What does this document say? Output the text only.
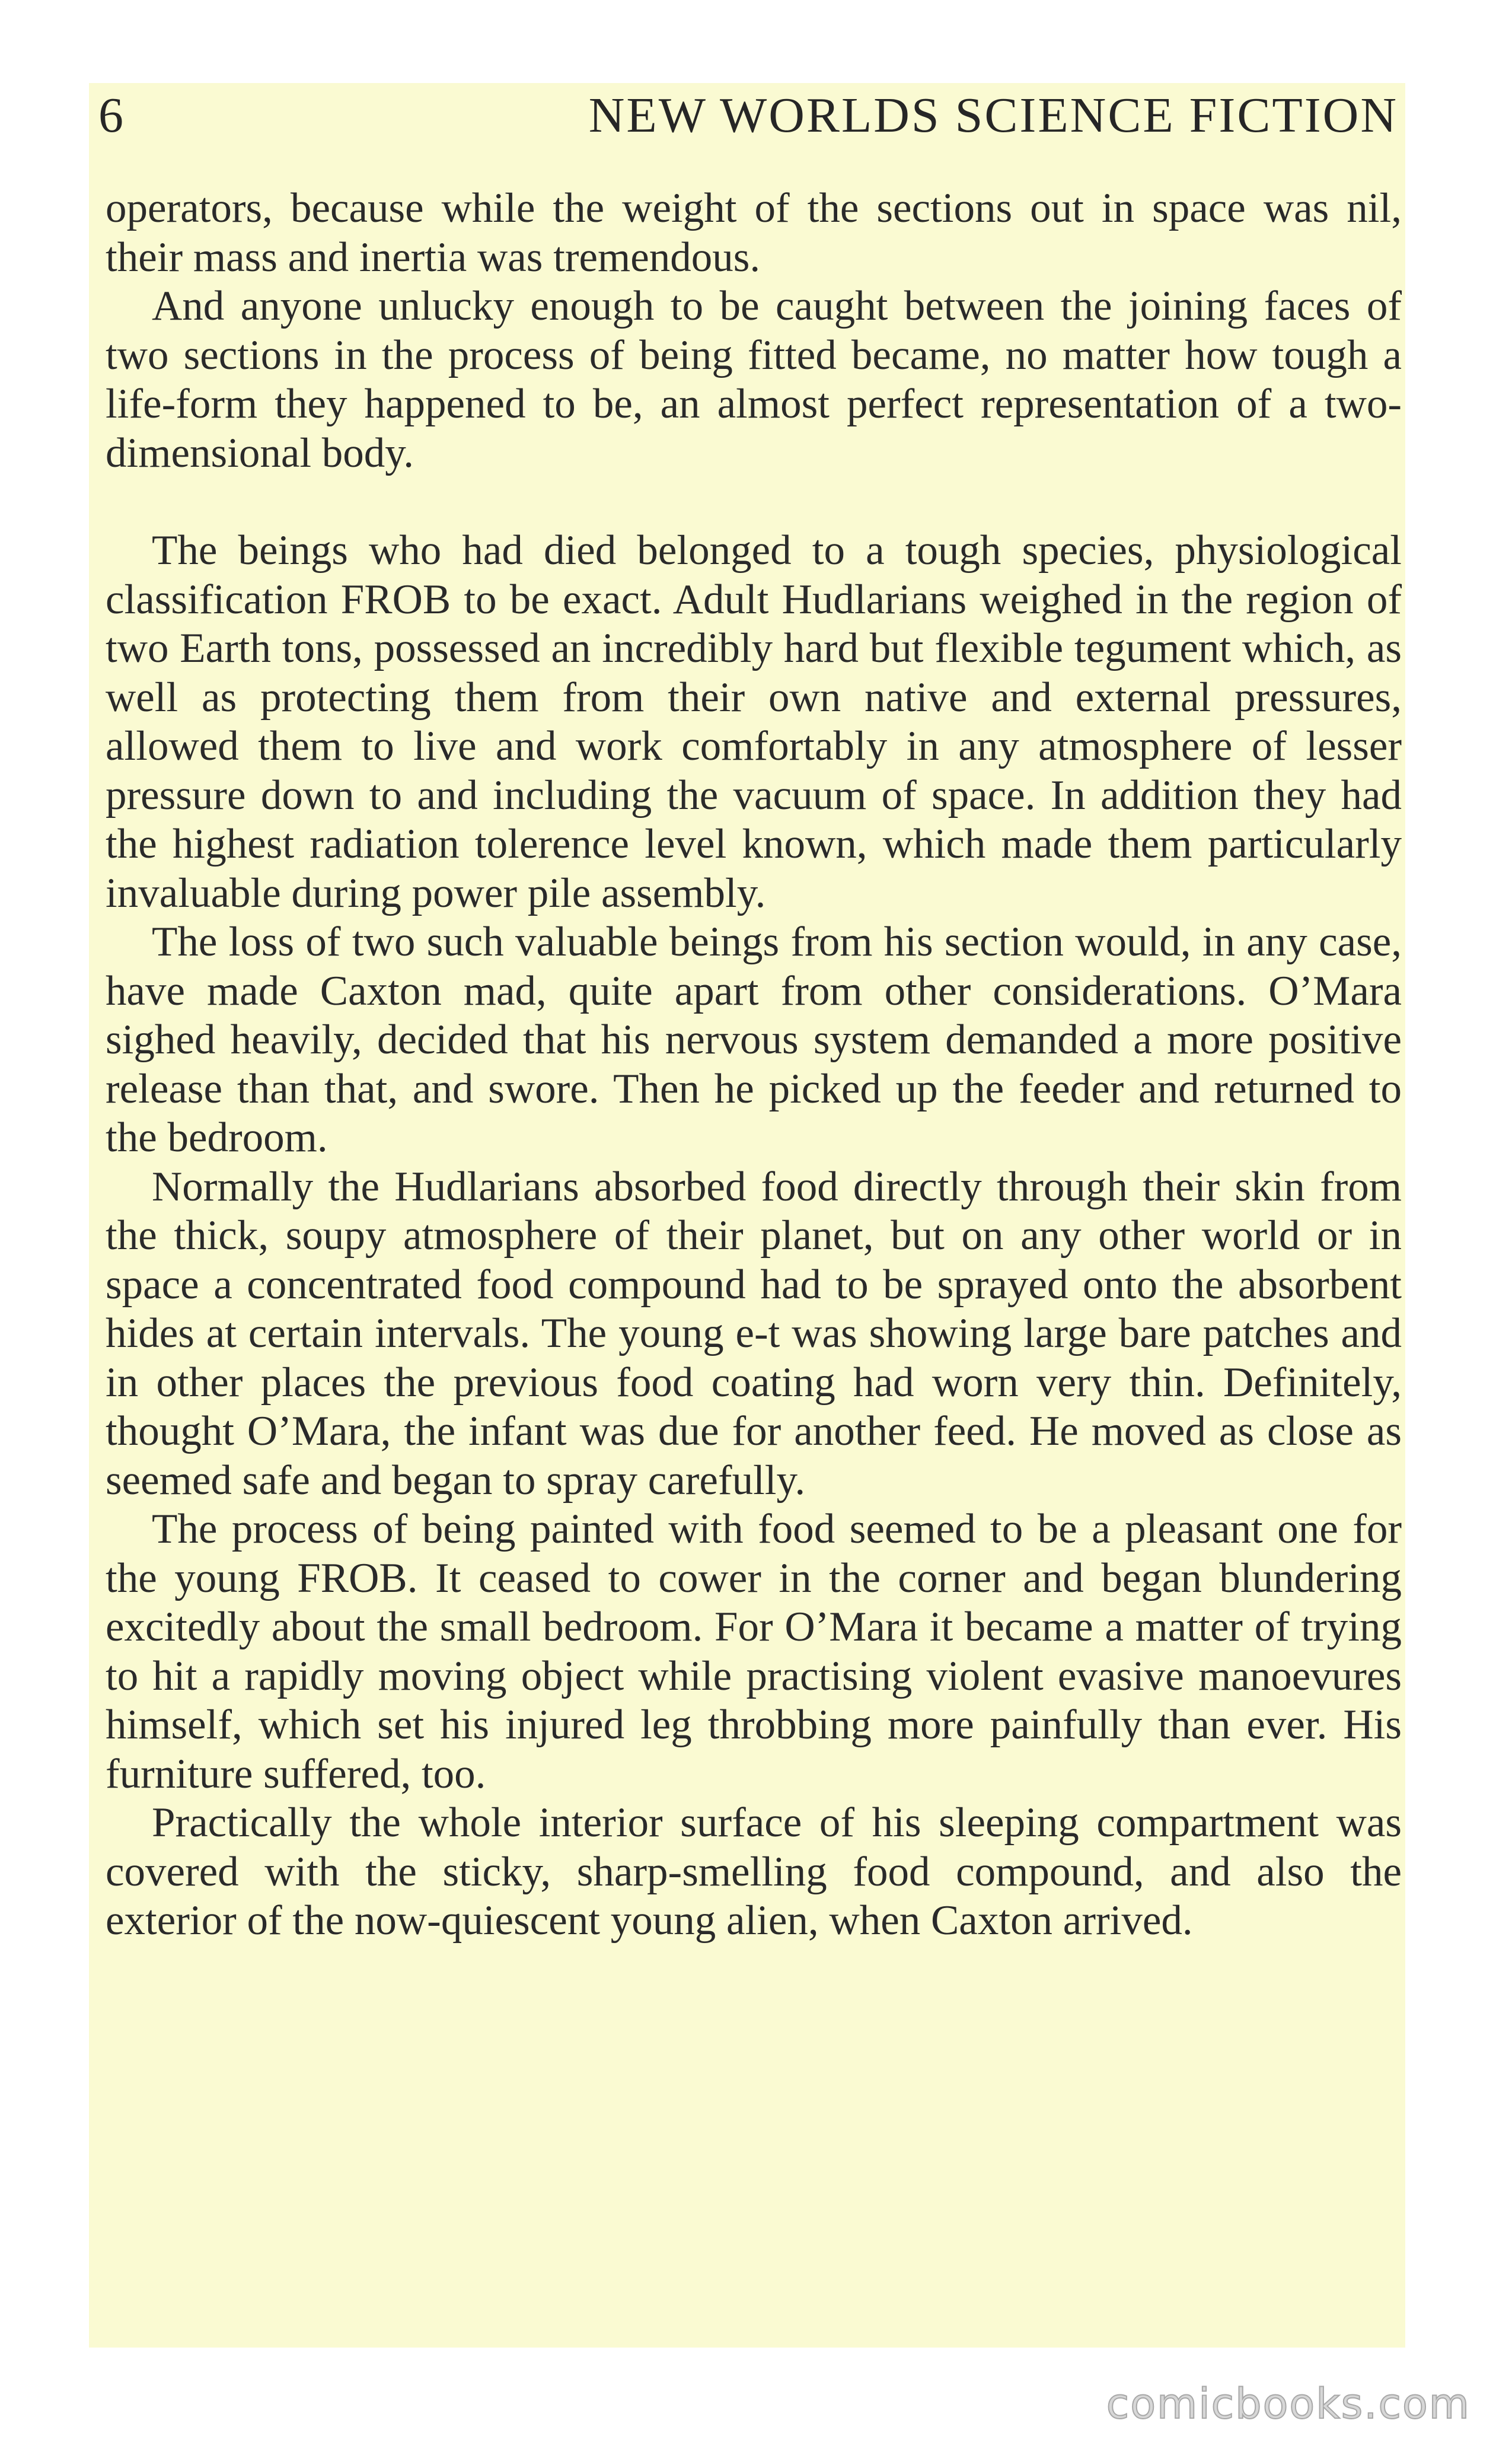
6	NEW WORLDS SCIENCE FICTION

operators, because while the weight of the sections out in space was nil, their mass and inertia was tremendous.

And anyone unlucky enough to be caught between the joining faces of two sections in the process of being fitted became, no matter how tough a life-form they happened to be, an almost perfect representation of a two-dimensional body.

The beings who had died belonged to a tough species, physiological classification FROB to be exact. Adult Hudlarians weighed in the region of two Earth tons, possessed an incredibly hard but flexible tegument which, as well as protecting them from their own native and external pressures, allowed them to live and work comfortably in any atmosphere of lesser pressure down to and including the vacuum of space. In addition they had the highest radiation tolerence level known, which made them particularly invaluable during power pile assembly.

The loss of two such valuable beings from his section would, in any case, have made Caxton mad, quite apart from other considerations. O’Mara sighed heavily, decided that his nervous system demanded a more positive release than that, and swore. Then he picked up the feeder and returned to the bedroom.

Normally the Hudlarians absorbed food directly through their skin from the thick, soupy atmosphere of their planet, but on any other world or in space a concentrated food compound had to be sprayed onto the absorbent hides at certain intervals. The young e-t was showing large bare patches and in other places the previous food coating had worn very thin. Definitely, thought O’Mara, the infant was due for another feed. He moved as close as seemed safe and began to spray carefully.

The process of being painted with food seemed to be a pleasant one for the young FROB. It ceased to cower in the corner and began blundering excitedly about the small bedroom. For O’Mara it became a matter of trying to hit a rapidly moving object while practising violent evasive manoevures himself, which set his injured leg throbbing more painfully than ever. His furniture suffered, too.

Practically the whole interior surface of his sleeping compartment was covered with the sticky, sharp-smelling food compound, and also the exterior of the now-quiescent young alien, when Caxton arrived.

comicbooks.com
